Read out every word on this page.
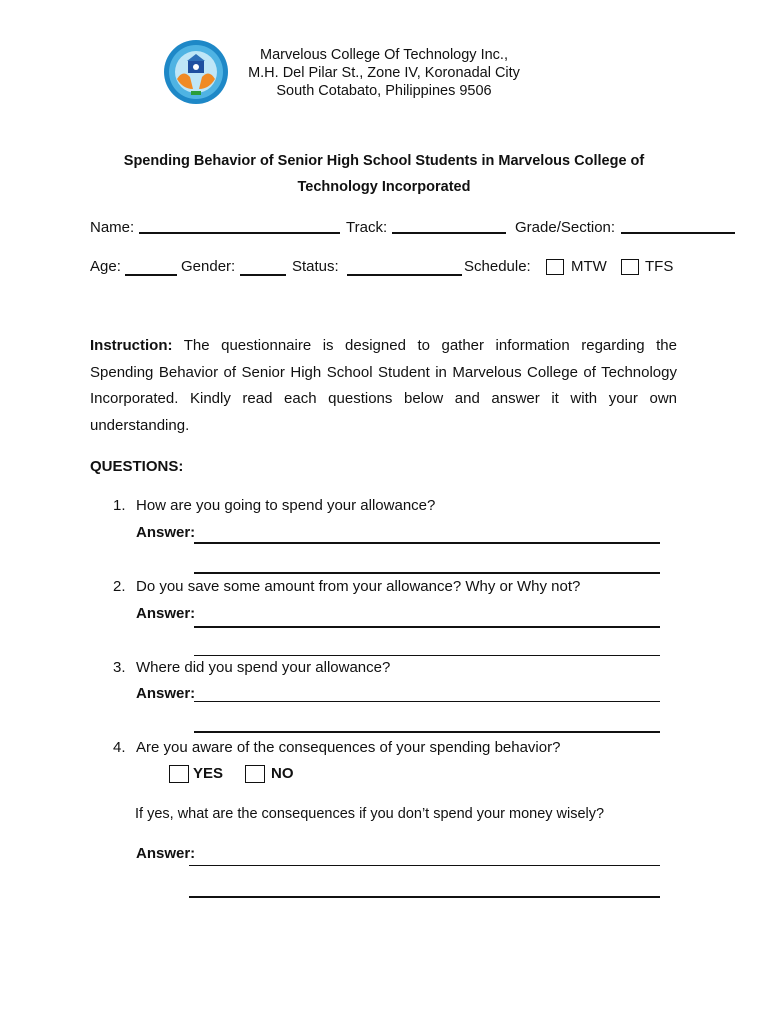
Marvelous College Of Technology Inc.,
M.H. Del Pilar St., Zone IV, Koronadal City
South Cotabato, Philippines 9506
Spending Behavior of Senior High School Students in Marvelous College of
Technology Incorporated
Name:	Track:	Grade/Section:
Age:	Gender:	Status:	Schedule:	MTW	TFS
Instruction: The questionnaire is designed to gather information regarding the Spending Behavior of Senior High School Student in Marvelous College of Technology Incorporated. Kindly read each questions below and answer it with your own understanding.
QUESTIONS:
1. How are you going to spend your allowance?
Answer:
2. Do you save some amount from your allowance? Why or Why not?
Answer:
3. Where did you spend your allowance?
Answer:
4. Are you aware of the consequences of your spending behavior?
YES	NO
If yes, what are the consequences if you don’t spend your money wisely?
Answer:
